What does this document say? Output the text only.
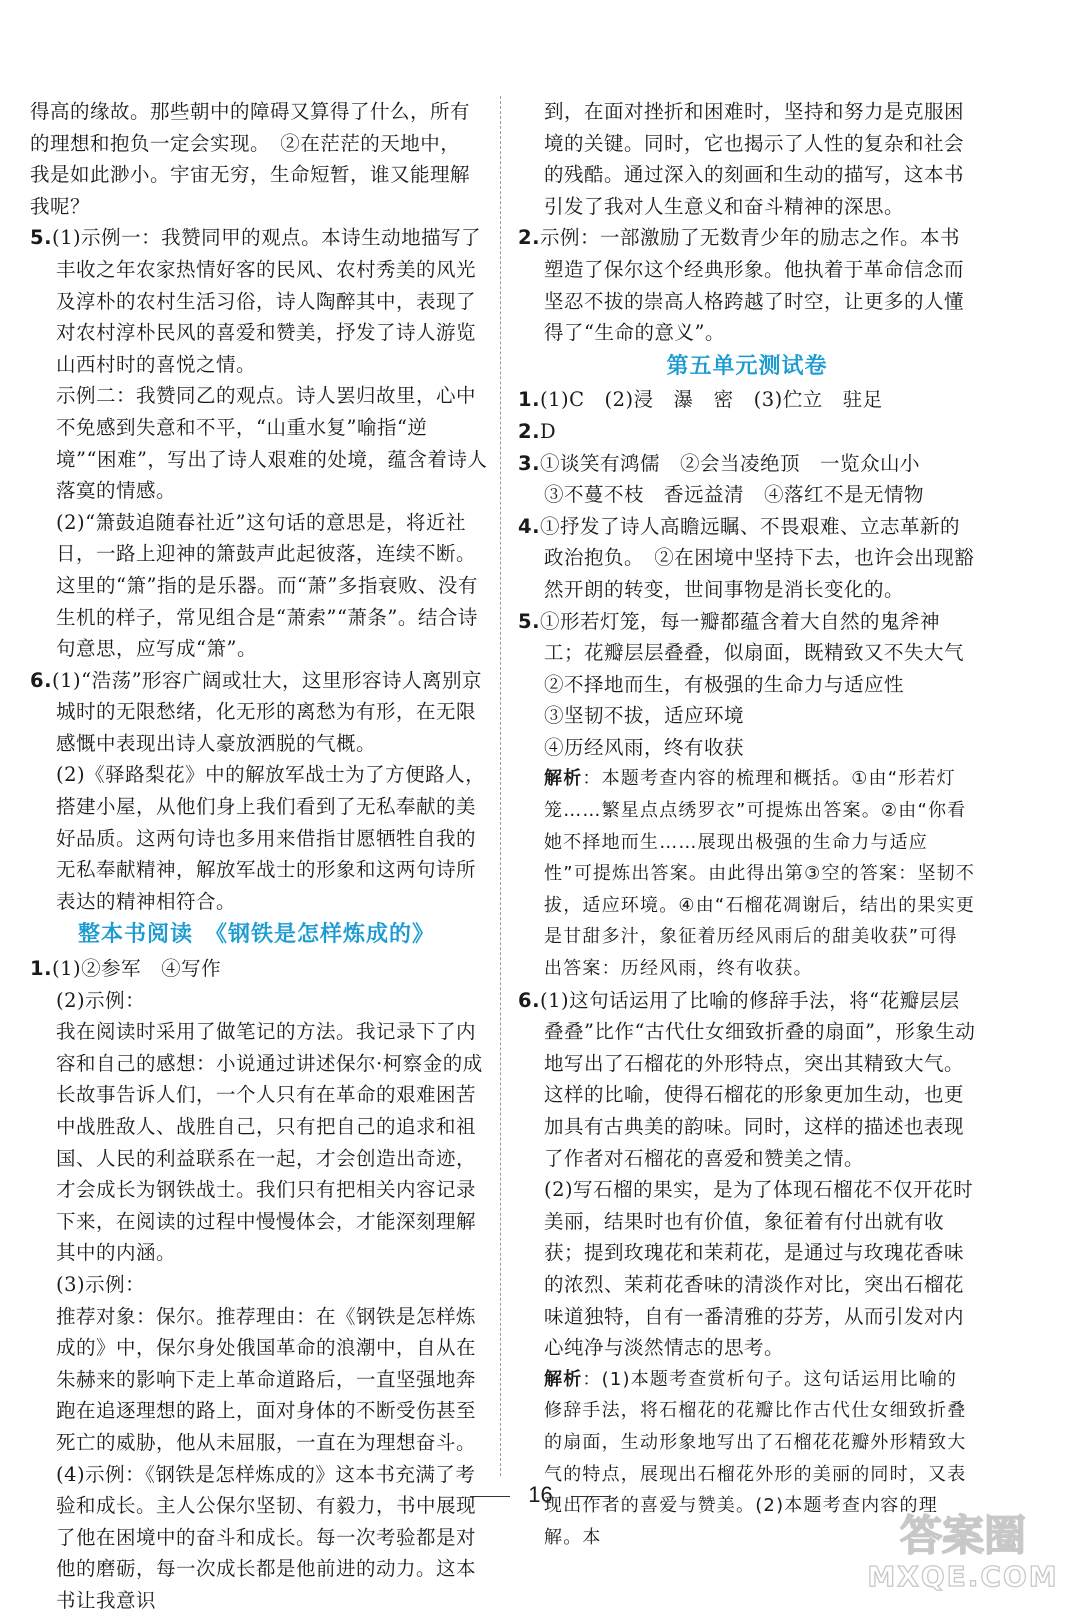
得高的缘故。那些朝中的障碍又算得了什么，所有

的理想和抱负一定会实现。　②在茫茫的天地中，

我是如此渺小。宇宙无穷，生命短暂，谁又能理解

我呢？

5.(1)示例一：我赞同甲的观点。本诗生动地描写了丰收之年农家热情好客的民风、农村秀美的风光及淳朴的农村生活习俗，诗人陶醉其中，表现了对农村淳朴民风的喜爱和赞美，抒发了诗人游览山西村时的喜悦之情。

示例二：我赞同乙的观点。诗人罢归故里，心中不免感到失意和不平，“山重水复”喻指“逆境”“困难”，写出了诗人艰难的处境，蕴含着诗人落寞的情感。

(2)“箫鼓追随春社近”这句话的意思是，将近社日，一路上迎神的箫鼓声此起彼落，连续不断。这里的“箫”指的是乐器。而“萧”多指衰败、没有生机的样子，常见组合是“萧索”“萧条”。结合诗句意思，应写成“箫”。

6.(1)“浩荡”形容广阔或壮大，这里形容诗人离别京城时的无限愁绪，化无形的离愁为有形，在无限感慨中表现出诗人豪放洒脱的气概。

(2)《驿路梨花》中的解放军战士为了方便路人，搭建小屋，从他们身上我们看到了无私奉献的美好品质。这两句诗也多用来借指甘愿牺牲自我的无私奉献精神，解放军战士的形象和这两句诗所表达的精神相符合。

整本书阅读　《钢铁是怎样炼成的》

1.(1)②参军　④写作

(2)示例：

我在阅读时采用了做笔记的方法。我记录下了内容和自己的感想：小说通过讲述保尔·柯察金的成长故事告诉人们，一个人只有在革命的艰难困苦中战胜敌人、战胜自己，只有把自己的追求和祖国、人民的利益联系在一起，才会创造出奇迹，才会成长为钢铁战士。我们只有把相关内容记录下来，在阅读的过程中慢慢体会，才能深刻理解其中的内涵。

(3)示例：

推荐对象：保尔。推荐理由：在《钢铁是怎样炼成的》中，保尔身处俄国革命的浪潮中，自从在朱赫来的影响下走上革命道路后，一直坚强地奔跑在追逐理想的路上，面对身体的不断受伤甚至死亡的威胁，他从未屈服，一直在为理想奋斗。

(4)示例：《钢铁是怎样炼成的》这本书充满了考验和成长。主人公保尔坚韧、有毅力，书中展现了他在困境中的奋斗和成长。每一次考验都是对他的磨砺，每一次成长都是他前进的动力。这本书让我意识

到，在面对挫折和困难时，坚持和努力是克服困境的关键。同时，它也揭示了人性的复杂和社会的残酷。通过深入的刻画和生动的描写，这本书引发了我对人生意义和奋斗精神的深思。

2.示例：一部激励了无数青少年的励志之作。本书塑造了保尔这个经典形象。他执着于革命信念而坚忍不拔的崇高人格跨越了时空，让更多的人懂得了“生命的意义”。

第五单元测试卷

1.(1)C　(2)浸　瀑　密　(3)伫立　驻足

2.D

3.①谈笑有鸿儒　②会当凌绝顶　一览众山小

③不蔓不枝　香远益清　④落红不是无情物

4.①抒发了诗人高瞻远瞩、不畏艰难、立志革新的政治抱负。　②在困境中坚持下去，也许会出现豁然开朗的转变，世间事物是消长变化的。

5.①形若灯笼，每一瓣都蕴含着大自然的鬼斧神工；花瓣层层叠叠，似扇面，既精致又不失大气

②不择地而生，有极强的生命力与适应性

③坚韧不拔，适应环境

④历经风雨，终有收获

解析：本题考查内容的梳理和概括。①由“形若灯笼……繁星点点绣罗衣”可提炼出答案。②由“你看她不择地而生……展现出极强的生命力与适应性”可提炼出答案。由此得出第③空的答案：坚韧不拔，适应环境。④由“石榴花凋谢后，结出的果实更是甘甜多汁，象征着历经风雨后的甜美收获”可得出答案：历经风雨，终有收获。

6.(1)这句话运用了比喻的修辞手法，将“花瓣层层叠叠”比作“古代仕女细致折叠的扇面”，形象生动地写出了石榴花的外形特点，突出其精致大气。这样的比喻，使得石榴花的形象更加生动，也更加具有古典美的韵味。同时，这样的描述也表现了作者对石榴花的喜爱和赞美之情。

(2)写石榴的果实，是为了体现石榴花不仅开花时美丽，结果时也有价值，象征着有付出就有收获；提到玫瑰花和茉莉花，是通过与玫瑰花香味的浓烈、茉莉花香味的清淡作对比，突出石榴花味道独特，自有一番清雅的芬芳，从而引发对内心纯净与淡然情志的思考。

解析：(1)本题考查赏析句子。这句话运用比喻的修辞手法，将石榴花的花瓣比作古代仕女细致折叠的扇面，生动形象地写出了石榴花花瓣外形精致大气的特点，展现出石榴花外形的美丽的同时，又表现出作者的喜爱与赞美。(2)本题考查内容的理解。本

16
答案圈
MXQE.COM
